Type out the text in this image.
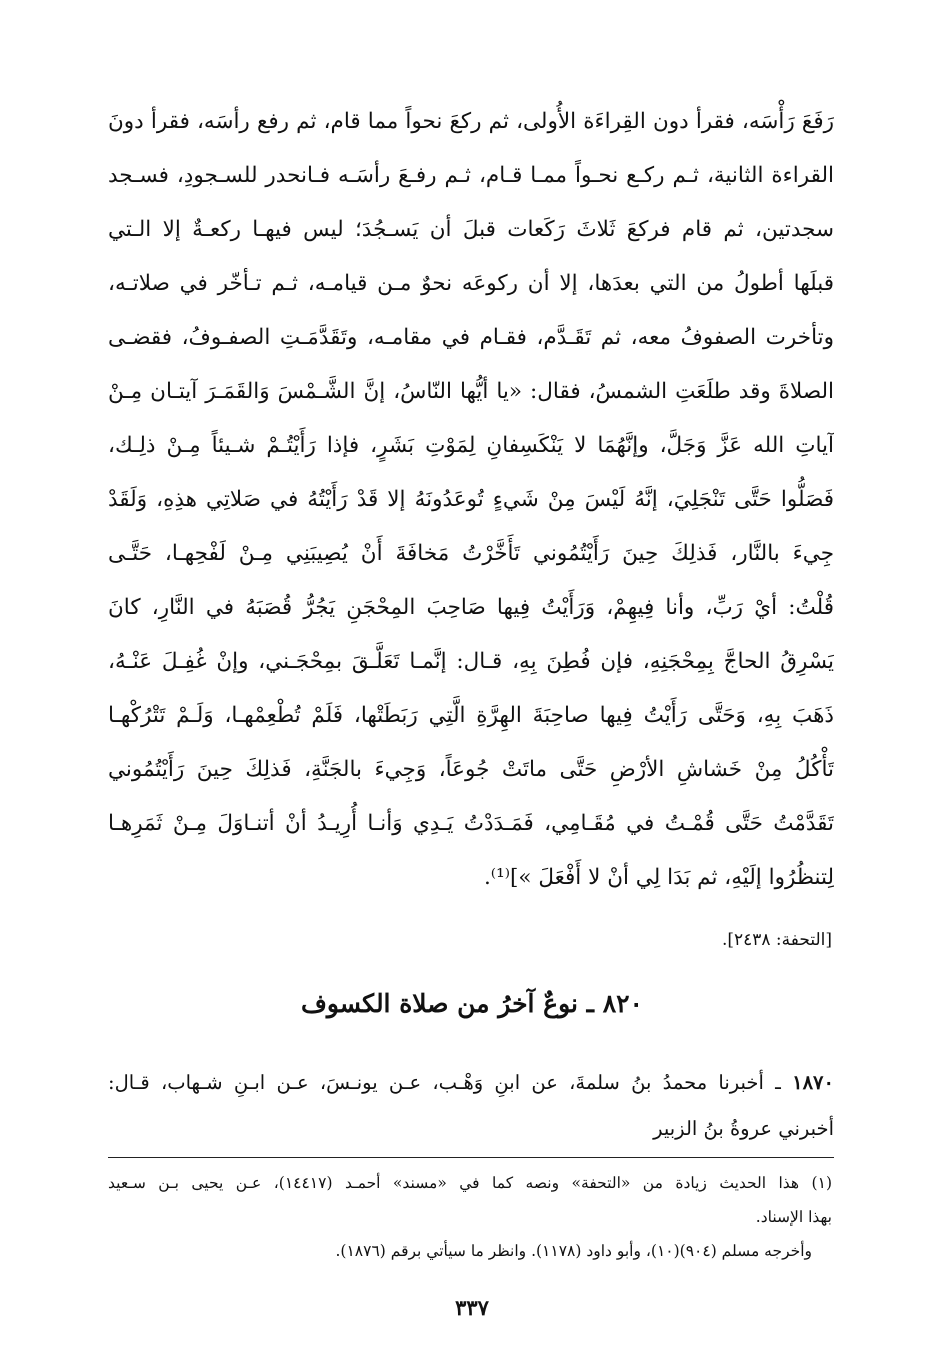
رَفَعَ رَأْسَه، فقرأ دون القِراءَة الأُولى، ثم ركعَ نحواً مما قام، ثم رفع رأسَه، فقرأ دونَ
القراءة الثانية، ثـم ركـع نحـواً ممـا قـام، ثـم رفـعَ رأسَـه فـانحدر للسـجودِ، فسـجد
سجدتين، ثم قام فركعَ ثَلاثَ رَكَعات قبلَ أن يَسـجُدَ؛ ليس فيهـا ركعـةٌ إلا الـتي
قبلَها أطولُ من التي بعدَها، إلا أن ركوعَه نحوٌ مـن قيامـه، ثـم تـأخّر في صلاتـه،
وتأخرت الصفوفُ معه، ثم تَقَـدَّم، فقـام في مقامـه، وتَقَدَّمَـتِ الصفـوفُ، فقضـى
الصلاةَ وقد طلَعَتِ الشمسُ، فقال: «يا أيُّها النّاسُ، إنَّ الشَّـمْسَ وَالقَمَـرَ آيتـان مِـنْ
آياتِ الله عَزَّ وَجَلَّ، وإنَّهُمَا لا يَنْكَسِفانِ لِمَوْتِ بَشَرٍ، فإذا رَأَيْتُـمْ شـيئاً مِـنْ ذلِـك،
فَصَلُّوا حَتَّى تَنْجَلِيَ، إنَّهُ لَيْسَ مِنْ شَيءٍ تُوعَدُونَهُ إلا قَدْ رَأَيْتُهُ في صَلاتِي هذِهِ، وَلَقَدْ
جِيءَ بالنَّار، فَذلِكَ حِينَ رَأَيْتُمُوني تَأَخَّرْتُ مَخافَةَ أَنْ يُصِيبَنِي مِـنْ لَفْحِهـا، حَتَّـى
قُلْتُ: أيْ رَبِّ، وأنا فِيهِمْ، وَرَأَيْتُ فِيها صَاحِبَ المِحْجَنِ يَجُرُّ قُصَبَهُ في النَّارِ، كانَ
يَسْرِقُ الحاجَّ بِمِحْجَنِهِ، فإن فُطِنَ بِهِ، قـال: إنَّمـا تَعَلَّـقَ بمِحْجَـني، وإنْ غُفِـلَ عَنْـهُ،
ذَهَبَ بِهِ، وَحَتَّى رَأَيْتُ فِيها صاحِبَةَ الهِرَّةِ الَّتِي رَبَطَتْها، فَلَمْ تُطْعِمْهـا، وَلَـمْ تَتْرُكْهـا
تَأْكُلُ مِنْ خَشاشِ الأرْضِ حَتَّى ماتَتْ جُوعَاً، وَجِيءَ بالجَنَّةِ، فَذلِكَ حِينَ رَأَيْتُمُوني
تَقَدَّمْتُ حَتَّى قُمْـتُ في مُقَـامِي، فَمَـدَدْتُ يَـدِي وَأنـا أُرِيـدُ أنْ أتنـاوَلَ مِـنْ ثَمَرِهـا
لِتنظُرُوا إلَيْهِ، ثم بَدَا لِي أنْ لا أَفْعَلَ »]⁽¹⁾.
[التحفة: ٢٤٣٨].
٨٢٠ ـ نوعٌ آخرُ من صلاة الكسوف
١٨٧٠ ـ أخبرنا محمدُ بنُ سلمةَ، عن ابنِ وَهْـب، عـن يونـسَ، عـن ابـنِ شـهاب، قـال:
أخبرني عروةُ بنُ الزبير
(١) هذا الحديث زيادة من «التحفة» ونصه كما في «مسند» أحمـد (١٤٤١٧)، عـن يحيى بـن سـعيد
بهذا الإسناد.
وأخرجه مسلم (٩٠٤)(١٠)، وأبو داود (١١٧٨). وانظر ما سيأتي برقم (١٨٧٦).
٣٣٧
